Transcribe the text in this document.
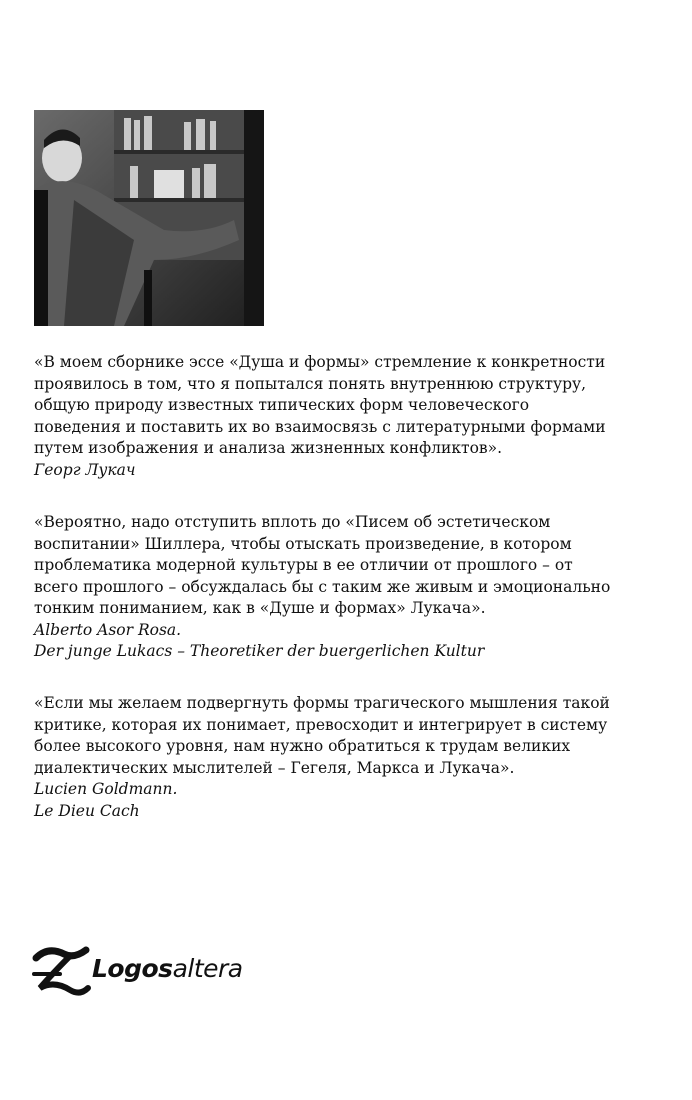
«В моем сборнике эссе «Душа и формы» стремление к конкретности

проявилось в том, что я попытался понять внутреннюю структуру,

общую природу известных типических форм человеческого

поведения и поставить их во взаимосвязь с литературными формами

путем изображения и анализа жизненных конфликтов».

Георг Лукач

«Вероятно, надо отступить вплоть до «Писем об эстетическом

воспитании» Шиллера, чтобы отыскать произведение, в котором

проблематика модерной культуры в ее отличии от прошлого – от

всего прошлого – обсуждалась бы с таким же живым и эмоционально

тонким пониманием, как в «Душе и формах» Лукача».

Alberto Asor Rosa.
Der junge Lukacs – Theoretiker der buergerlichen Kultur

«Если мы желаем подвергнуть формы трагического мышления такой

критике, которая их понимает, превосходит и интегрирует в систему

более высокого уровня, нам нужно обратиться к трудам великих

диалектических мыслителей – Гегеля, Маркса и Лукача».

Lucien Goldmann.
Le Dieu Cach
Logosaltera
